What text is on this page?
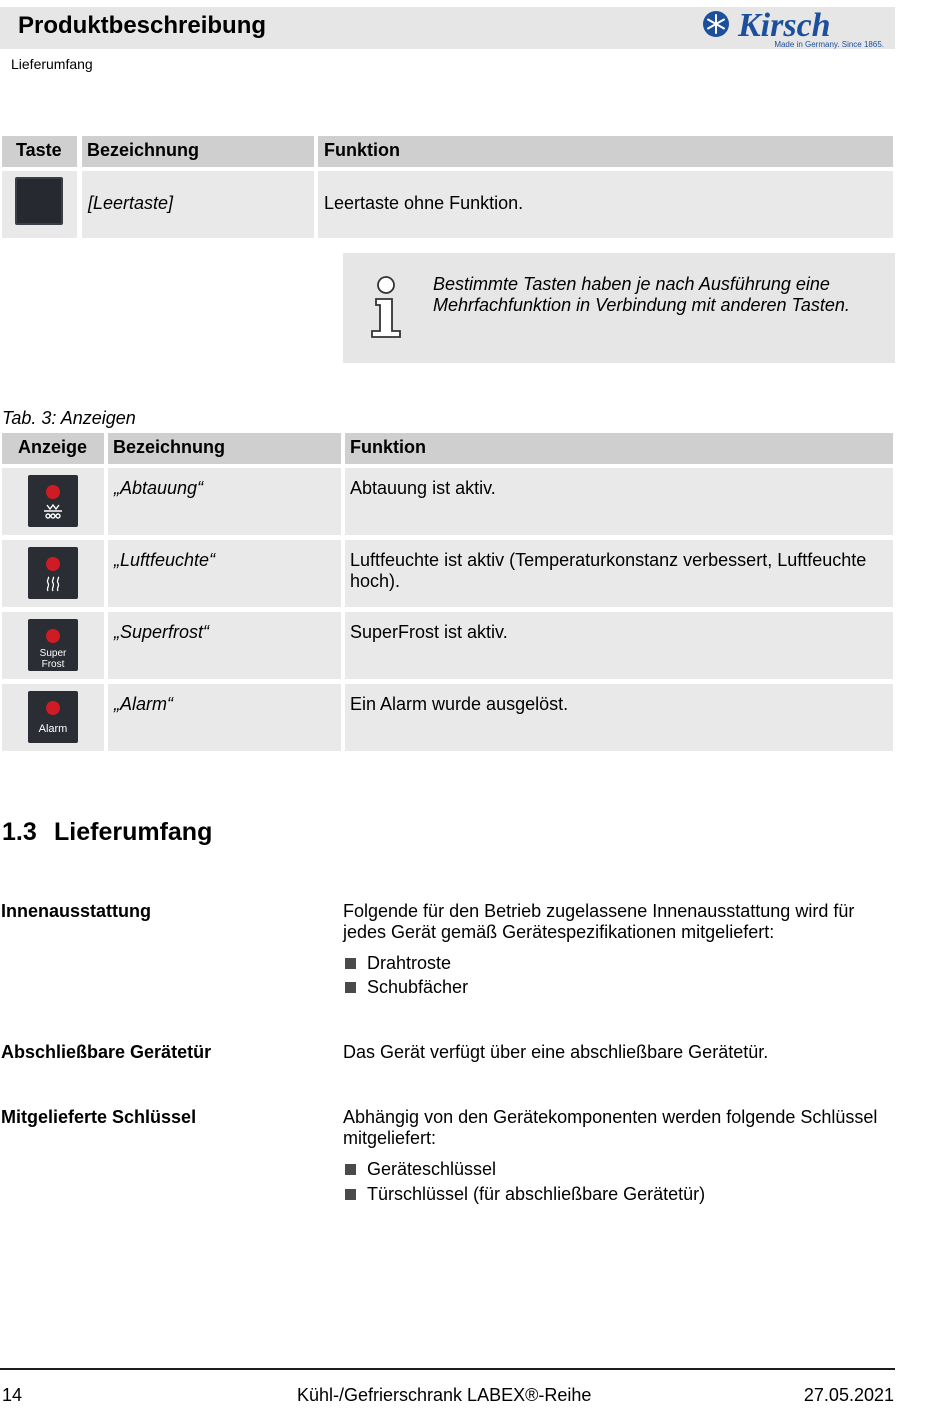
Produktbeschreibung
Lieferumfang
Kirsch
Made in Germany. Since 1865.
Taste	Bezeichnung	Funktion
[Leertaste]	Leertaste ohne Funktion.
Bestimmte Tasten haben je nach Ausführung eine Mehrfachfunktion in Verbindung mit anderen Tasten.
Tab. 3: Anzeigen
Anzeige	Bezeichnung	Funktion
„Abtauung“	Abtauung ist aktiv.
„Luftfeuchte“	Luftfeuchte ist aktiv (Temperaturkonstanz verbessert, Luftfeuchte hoch).
Super Frost
„Superfrost“	SuperFrost ist aktiv.
Alarm
„Alarm“	Ein Alarm wurde ausgelöst.
1.3 Lieferumfang
Innenausstattung	Folgende für den Betrieb zugelassene Innenausstattung wird für jedes Gerät gemäß Gerätespezifikationen mitgeliefert:
Drahtroste
Schubfächer
Abschließbare Gerätetür	Das Gerät verfügt über eine abschließbare Gerätetür.
Mitgelieferte Schlüssel	Abhängig von den Gerätekomponenten werden folgende Schlüssel mitgeliefert:
Geräteschlüssel
Türschlüssel (für abschließbare Gerätetür)
14	Kühl-/Gefrierschrank LABEX®-Reihe	27.05.2021
